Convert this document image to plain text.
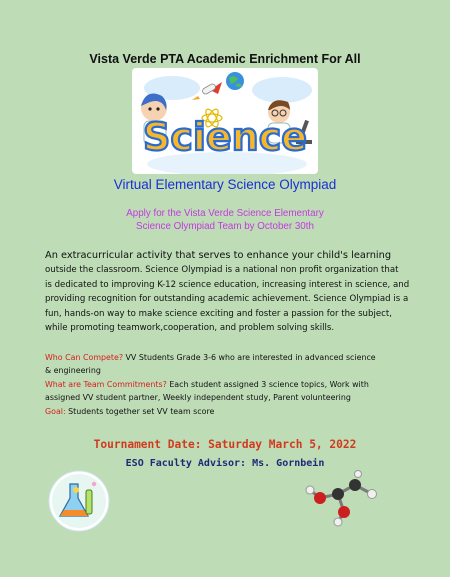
Vista Verde PTA Academic Enrichment For All
Science
Virtual Elementary Science Olympiad
Apply for the Vista Verde Science Elementary
Science Olympiad Team by October 30th
An extracurricular activity that serves to enhance your child's learning
outside the classroom. Science Olympiad is a national non profit organization that
is dedicated to improving K-12 science education, increasing interest in science, and
providing recognition for outstanding academic achievement. Science Olympiad is a
fun, hands-on way to make science exciting and foster a passion for the subject,
while promoting teamwork,cooperation, and problem solving skills.
Who Can Compete? VV Students Grade 3-6 who are interested in advanced science
& engineering
What are Team Commitments? Each student assigned 3 science topics, Work with
assigned VV student partner, Weekly independent study, Parent volunteering
Goal: Students together set VV team score
Tournament Date: Saturday March 5, 2022
ESO Faculty Advisor: Ms. Gornbein
